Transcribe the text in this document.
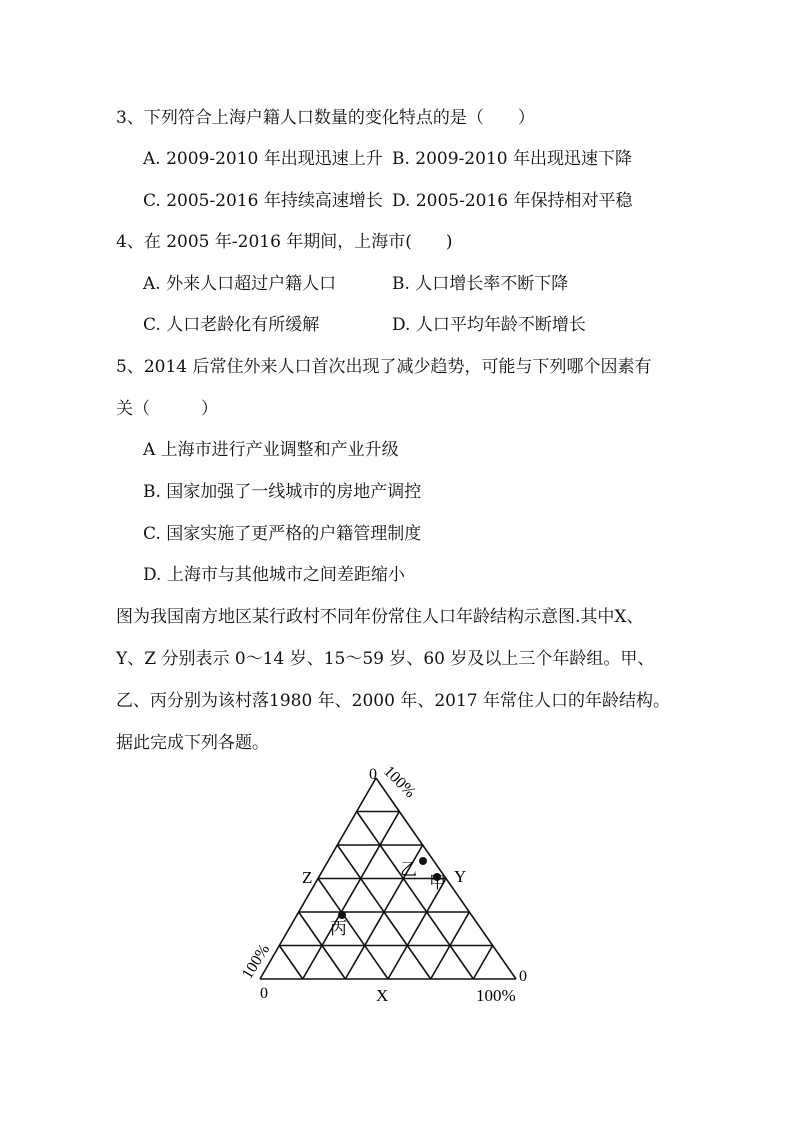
3、下列符合上海户籍人口数量的变化特点的是（　　）
A. 2009-2010 年出现迅速上升 B. 2009-2010 年出现迅速下降
C. 2005-2016 年持续高速增长 D. 2005-2016 年保持相对平稳
4、在 2005 年-2016 年期间，上海市(　　)
A. 外来人口超过户籍人口	B. 人口增长率不断下降
C. 人口老龄化有所缓解	D. 人口平均年龄不断增长
5、2014 后常住外来人口首次出现了减少趋势，可能与下列哪个因素有
关（　　　）
A 上海市进行产业调整和产业升级
B. 国家加强了一线城市的房地产调控
C. 国家实施了更严格的户籍管理制度
D. 上海市与其他城市之间差距缩小
图为我国南方地区某行政村不同年份常住人口年龄结构示意图.其中X、
Y、Z 分别表示 0～14 岁、15～59 岁、60 岁及以上三个年龄组。甲、
乙、丙分别为该村落1980 年、2000 年、2017 年常住人口的年龄结构。
据此完成下列各题。
0 100%
100%
0
0
100%
X
Y
Z	甲
乙
丙
